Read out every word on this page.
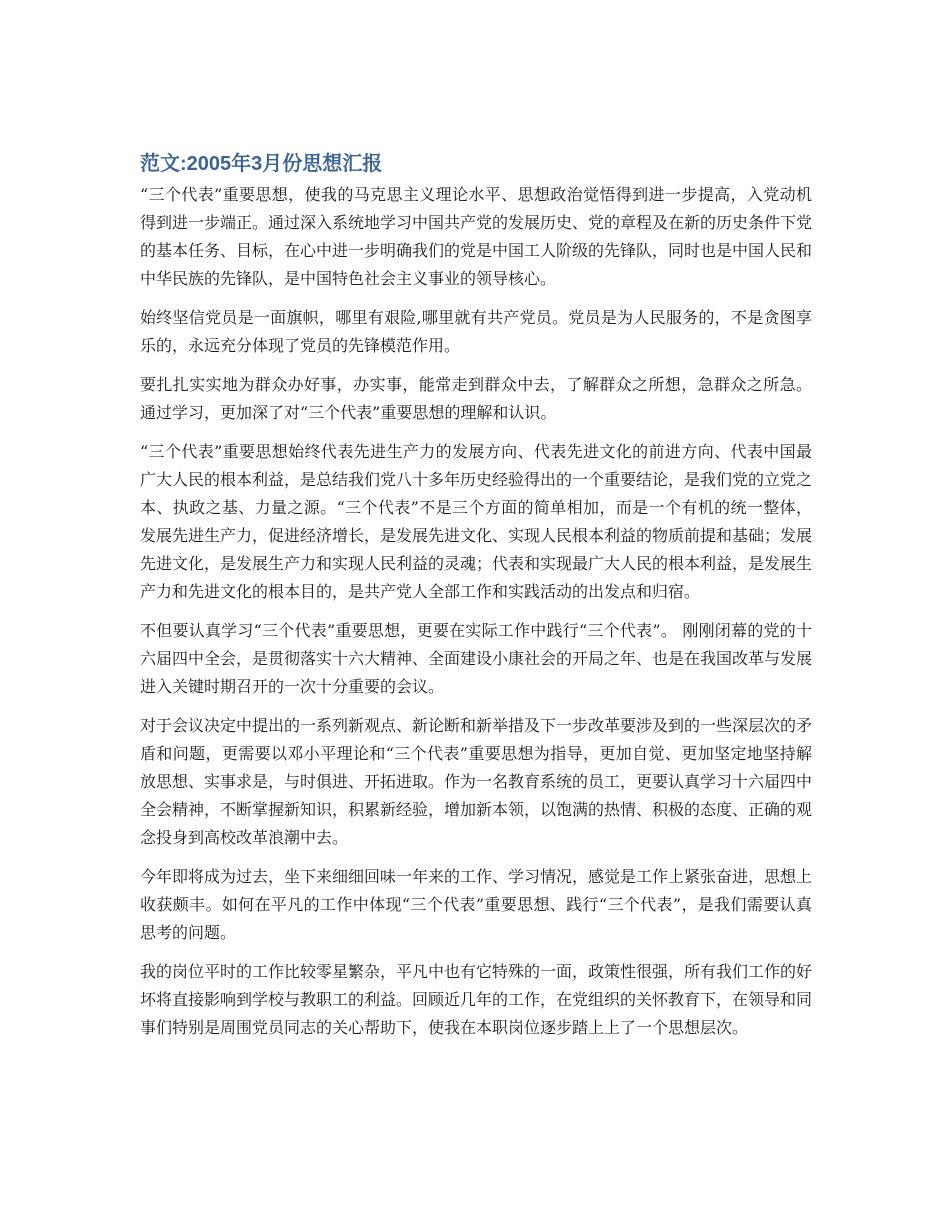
范文:2005年3月份思想汇报

“三个代表”重要思想，使我的马克思主义理论水平、思想政治觉悟得到进一步提高，入党动机得到进一步端正。通过深入系统地学习中国共产党的发展历史、党的章程及在新的历史条件下党的基本任务、目标，在心中进一步明确我们的党是中国工人阶级的先锋队，同时也是中国人民和中华民族的先锋队，是中国特色社会主义事业的领导核心。

始终坚信党员是一面旗帜，哪里有艰险,哪里就有共产党员。党员是为人民服务的，不是贪图享乐的，永远充分体现了党员的先锋模范作用。

要扎扎实实地为群众办好事，办实事，能常走到群众中去，了解群众之所想，急群众之所急。 通过学习，更加深了对“三个代表”重要思想的理解和认识。

“三个代表”重要思想始终代表先进生产力的发展方向、代表先进文化的前进方向、代表中国最广大人民的根本利益，是总结我们党八十多年历史经验得出的一个重要结论，是我们党的立党之本、执政之基、力量之源。“三个代表”不是三个方面的简单相加，而是一个有机的统一整体，发展先进生产力，促进经济增长，是发展先进文化、实现人民根本利益的物质前提和基础；发展先进文化，是发展生产力和实现人民利益的灵魂；代表和实现最广大人民的根本利益，是发展生产力和先进文化的根本目的，是共产党人全部工作和实践活动的出发点和归宿。

不但要认真学习“三个代表”重要思想，更要在实际工作中践行“三个代表”。 刚刚闭幕的党的十六届四中全会，是贯彻落实十六大精神、全面建设小康社会的开局之年、也是在我国改革与发展进入关键时期召开的一次十分重要的会议。

对于会议决定中提出的一系列新观点、新论断和新举措及下一步改革要涉及到的一些深层次的矛盾和问题，更需要以邓小平理论和“三个代表”重要思想为指导，更加自觉、更加坚定地坚持解放思想、实事求是，与时俱进、开拓进取。作为一名教育系统的员工，更要认真学习十六届四中全会精神，不断掌握新知识，积累新经验，增加新本领，以饱满的热情、积极的态度、正确的观念投身到高校改革浪潮中去。

今年即将成为过去，坐下来细细回味一年来的工作、学习情况，感觉是工作上紧张奋进，思想上收获颇丰。如何在平凡的工作中体现“三个代表”重要思想、践行“三个代表”，是我们需要认真思考的问题。

我的岗位平时的工作比较零星繁杂，平凡中也有它特殊的一面，政策性很强，所有我们工作的好坏将直接影响到学校与教职工的利益。回顾近几年的工作，在党组织的关怀教育下，在领导和同事们特别是周围党员同志的关心帮助下，使我在本职岗位逐步踏上上了一个思想层次。
